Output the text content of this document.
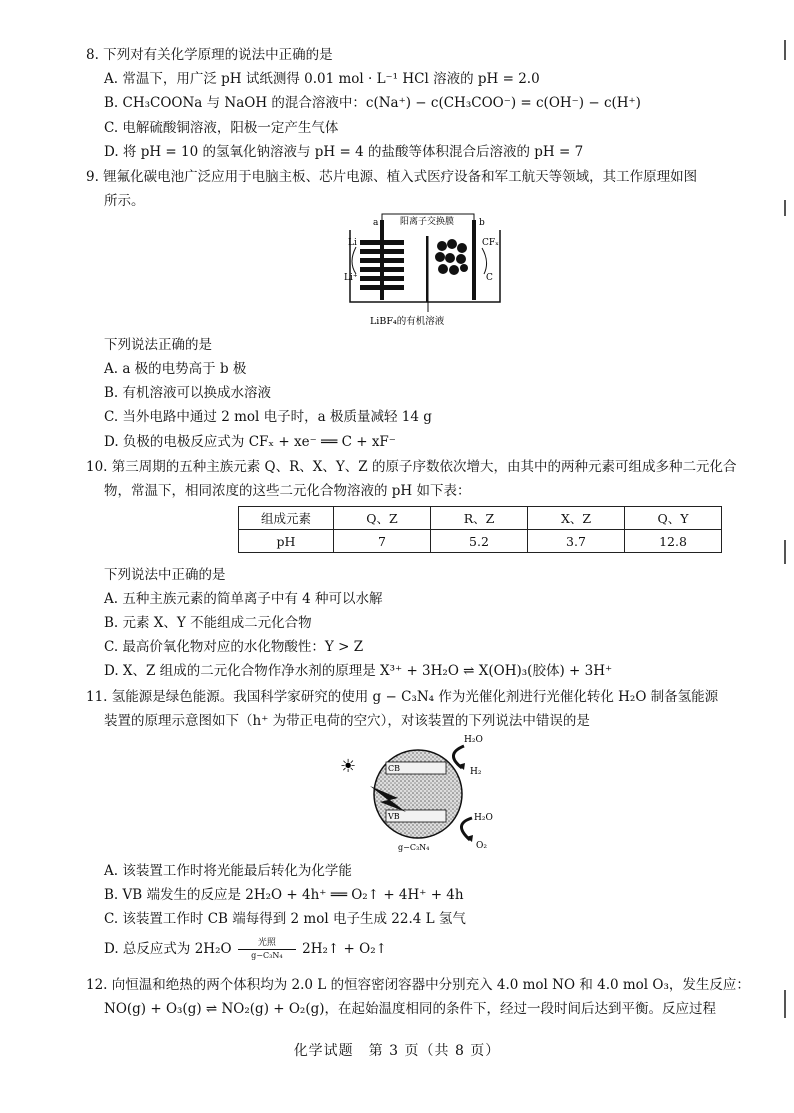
8. 下列对有关化学原理的说法中正确的是
A. 常温下，用广泛 pH 试纸测得 0.01 mol · L⁻¹ HCl 溶液的 pH = 2.0
B. CH₃COONa 与 NaOH 的混合溶液中：c(Na⁺) − c(CH₃COO⁻) = c(OH⁻) − c(H⁺)
C. 电解硫酸铜溶液，阳极一定产生气体
D. 将 pH = 10 的氢氧化钠溶液与 pH = 4 的盐酸等体积混合后溶液的 pH = 7
9. 锂氟化碳电池广泛应用于电脑主板、芯片电源、植入式医疗设备和军工航天等领域，其工作原理如图
所示。
阳离子交换膜
a	b
Li
Li⁺
CFₓ
C
LiBF₄的有机溶液
下列说法正确的是
A. a 极的电势高于 b 极
B. 有机溶液可以换成水溶液
C. 当外电路中通过 2 mol 电子时，a 极质量减轻 14 g
D. 负极的电极反应式为 CFₓ + xe⁻ ══ C + xF⁻
10. 第三周期的五种主族元素 Q、R、X、Y、Z 的原子序数依次增大，由其中的两种元素可组成多种二元化合
物，常温下，相同浓度的这些二元化合物溶液的 pH 如下表：
组成元素	Q、Z	R、Z	X、Z	Q、Y
pH	7	5.2	3.7	12.8
下列说法中正确的是
A. 五种主族元素的简单离子中有 4 种可以水解
B. 元素 X、Y 不能组成二元化合物
C. 最高价氧化物对应的水化物酸性：Y > Z
D. X、Z 组成的二元化合物作净水剂的原理是 X³⁺ + 3H₂O ⇌ X(OH)₃(胶体) + 3H⁺
11. 氢能源是绿色能源。我国科学家研究的使用 g − C₃N₄ 作为光催化剂进行光催化转化 H₂O 制备氢能源
装置的原理示意图如下（h⁺ 为带正电荷的空穴），对该装置的下列说法中错误的是
CB
VB
☀
H₂O
H₂
H₂O
O₂
g−C₃N₄
A. 该装置工作时将光能最后转化为化学能
B. VB 端发生的反应是 2H₂O + 4h⁺ ══ O₂↑ + 4H⁺ + 4h
C. 该装置工作时 CB 端每得到 2 mol 电子生成 22.4 L 氢气
D. 总反应式为 2H₂O	光照
g−C₃N₄	2H₂↑ + O₂↑
12. 向恒温和绝热的两个体积均为 2.0 L 的恒容密闭容器中分别充入 4.0 mol NO 和 4.0 mol O₃，发生反应：
NO(g) + O₃(g) ⇌ NO₂(g) + O₂(g)，在起始温度相同的条件下，经过一段时间后达到平衡。反应过程
化学试题　第 3 页（共 8 页）
